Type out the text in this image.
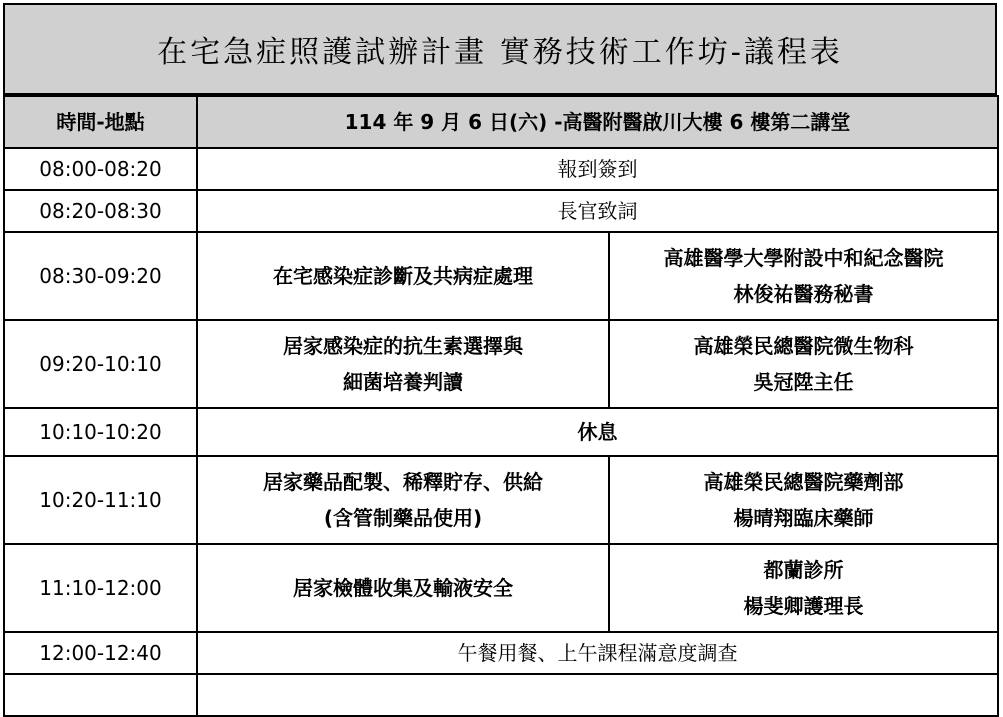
在宅急症照護試辦計畫 實務技術工作坊-議程表
時間-地點	114 年 9 月 6 日(六) -高醫附醫啟川大樓 6 樓第二講堂	
08:00-08:20	報到簽到	
08:20-08:30	長官致詞	
08:30-09:20	在宅感染症診斷及共病症處理	高雄醫學大學附設中和紀念醫院
林俊祐醫務秘書

09:20-10:10	居家感染症的抗生素選擇與
細菌培養判讀	高雄榮民總醫院微生物科
吳冠陞主任

10:10-10:20	休息	
10:20-11:10	居家藥品配製、稀釋貯存、供給
(含管制藥品使用)	高雄榮民總醫院藥劑部
楊晴翔臨床藥師

11:10-12:00	居家檢體收集及輸液安全	都蘭診所
楊斐卿護理長

12:00-12:40	午餐用餐、上午課程滿意度調查	
